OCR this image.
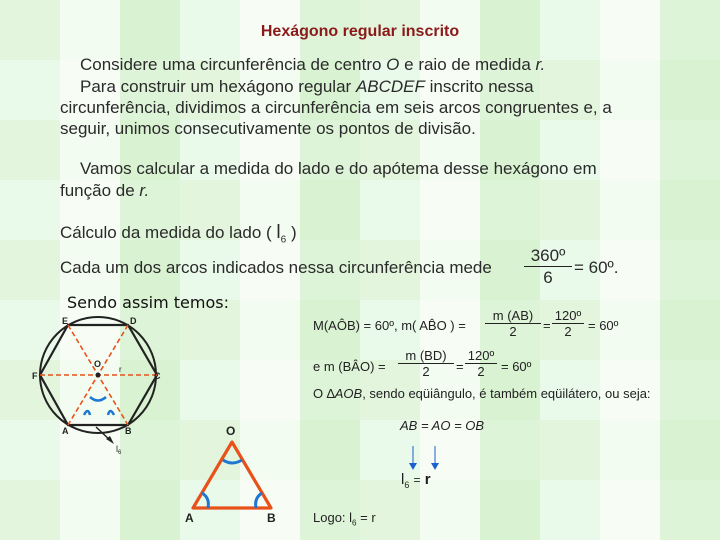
Hexágono regular inscrito
Considere uma circunferência de centro O e raio de medida r.
Para construir um hexágono regular ABCDEF inscrito nessa
circunferência, dividimos a circunferência em seis arcos congruentes e, a
seguir, unimos consecutivamente os pontos de divisão.
Vamos calcular a medida do lado e do apótema desse hexágono em
função de r.
Cálculo da medida do lado ( $l_6$ )
Cada um dos arcos indicados nessa circunferência mede $\frac{\text{360º}}{6}$ = 60º.
Sendo assim temos:
E	D
F	C
A	B
O
r
$l_6$
O
A	B
M(AÔB) = 60º, m( AB̂O ) = $\frac{m (AB)}{2} = \frac{\text{120º}}{2}$ = 60º
e m (BÂO) = $\frac{m (BD)}{2} = \frac{\text{120º}}{2}$ = 60º
O ∆AOB, sendo eqüiângulo, é também eqüilátero, ou seja:
AB = AO = OB
$l_6 = r$
Logo: $l_6 = r$
